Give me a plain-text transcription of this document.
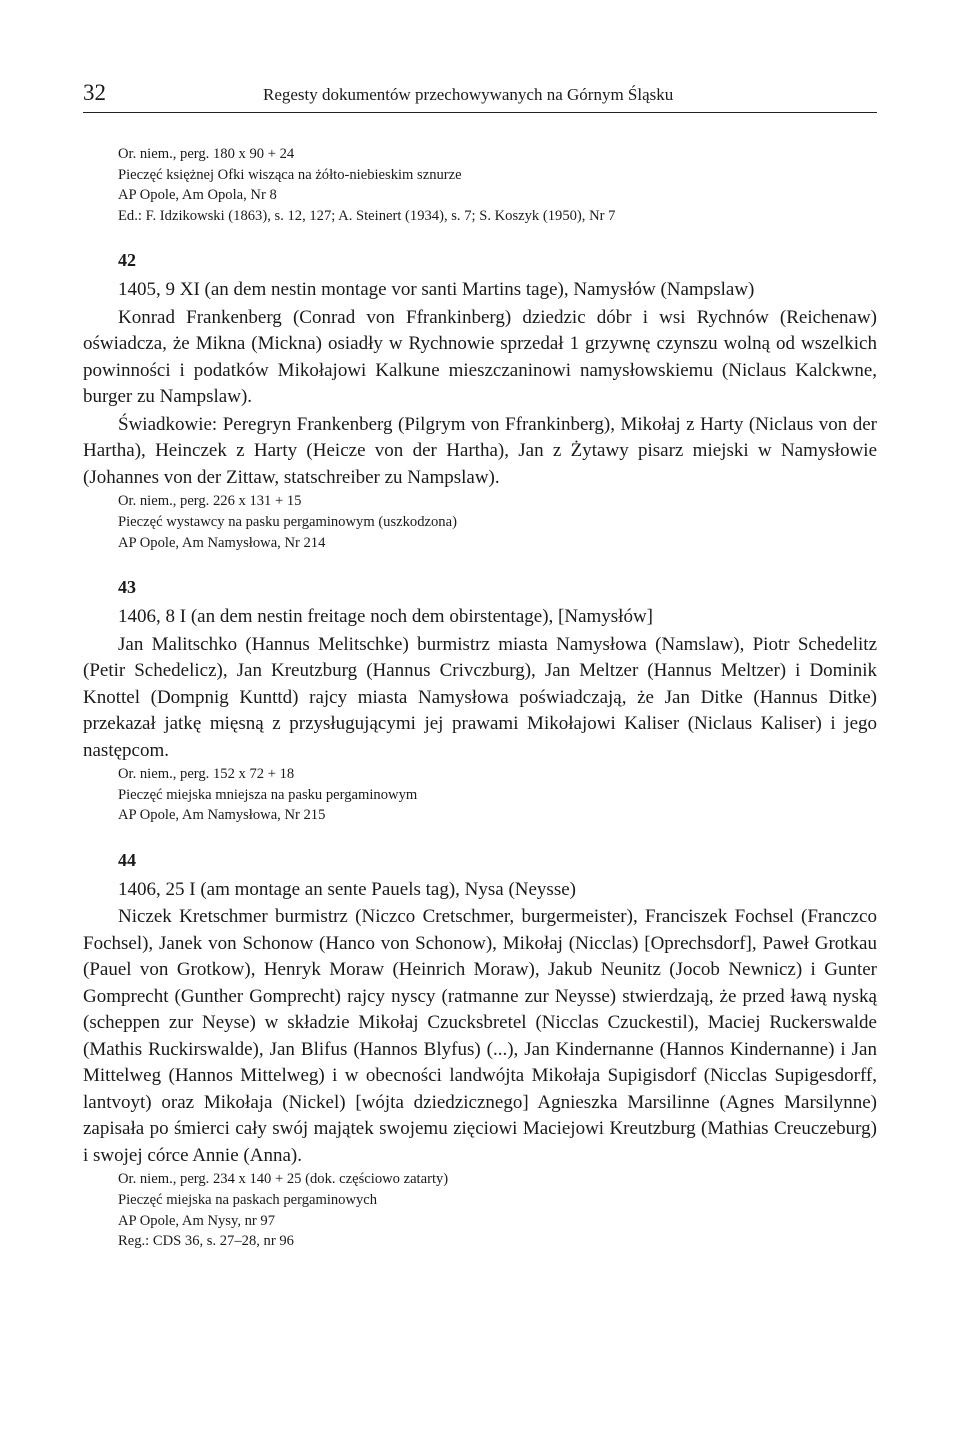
32	Regesty dokumentów przechowywanych na Górnym Śląsku
Or. niem., perg. 180 x 90 + 24
Pieczęć księżnej Ofki wisząca na żółto-niebieskim sznurze
AP Opole, Am Opola, Nr 8
Ed.: F. Idzikowski (1863), s. 12, 127; A. Steinert (1934), s. 7; S. Koszyk (1950), Nr 7
42

1405, 9 XI (an dem nestin montage vor santi Martins tage), Namysłów (Nampslaw)

Konrad Frankenberg (Conrad von Ffrankinberg) dziedzic dóbr i wsi Rychnów (Reichenaw) oświadcza, że Mikna (Mickna) osiadły w Rychnowie sprzedał 1 grzywnę czynszu wolną od wszelkich powinności i podatków Mikołajowi Kalkune mieszczaninowi namysłowskiemu (Niclaus Kalckwne, burger zu Nampslaw).

Świadkowie: Peregryn Frankenberg (Pilgrym von Ffrankinberg), Mikołaj z Harty (Niclaus von der Hartha), Heinczek z Harty (Heicze von der Hartha), Jan z Żytawy pisarz miejski w Namysłowie (Johannes von der Zittaw, statschreiber zu Nampslaw).

Or. niem., perg. 226 x 131 + 15
Pieczęć wystawcy na pasku pergaminowym (uszkodzona)
AP Opole, Am Namysłowa, Nr 214
43

1406, 8 I (an dem nestin freitage noch dem obirstentage), [Namysłów]

Jan Malitschko (Hannus Melitschke) burmistrz miasta Namysłowa (Namslaw), Piotr Schedelitz (Petir Schedelicz), Jan Kreutzburg (Hannus Crivczburg), Jan Meltzer (Hannus Meltzer) i Dominik Knottel (Dompnig Kunttd) rajcy miasta Namysłowa poświadczają, że Jan Ditke (Hannus Ditke) przekazał jatkę mięsną z przysługującymi jej prawami Mikołajowi Kaliser (Niclaus Kaliser) i jego następcom.

Or. niem., perg. 152 x 72 + 18
Pieczęć miejska mniejsza na pasku pergaminowym
AP Opole, Am Namysłowa, Nr 215
44

1406, 25 I (am montage an sente Pauels tag), Nysa (Neysse)

Niczek Kretschmer burmistrz (Niczco Cretschmer, burgermeister), Franciszek Fochsel (Franczco Fochsel), Janek von Schonow (Hanco von Schonow), Mikołaj (Nicclas) [Oprechsdorf], Paweł Grotkau (Pauel von Grotkow), Henryk Moraw (Heinrich Moraw), Jakub Neunitz (Jocob Newnicz) i Gunter Gomprecht (Gunther Gomprecht) rajcy nyscy (ratmanne zur Neysse) stwierdzają, że przed ławą nyską (scheppen zur Neyse) w składzie Mikołaj Czucksbretel (Nicclas Czuckestil), Maciej Ruckerswalde (Mathis Ruckirswalde), Jan Blifus (Hannos Blyfus) (...), Jan Kindernanne (Hannos Kindernanne) i Jan Mittelweg (Hannos Mittelweg) i w obecności landwójta Mikołaja Supigisdorf (Nicclas Supigesdorff, lantvoyt) oraz Mikołaja (Nickel) [wójta dziedzicznego] Agnieszka Marsilinne (Agnes Marsilynne) zapisała po śmierci cały swój majątek swojemu zięciowi Maciejowi Kreutzburg (Mathias Creuczeburg) i swojej córce Annie (Anna).

Or. niem., perg. 234 x 140 + 25 (dok. częściowo zatarty)
Pieczęć miejska na paskach pergaminowych
AP Opole, Am Nysy, nr 97
Reg.: CDS 36, s. 27–28, nr 96
